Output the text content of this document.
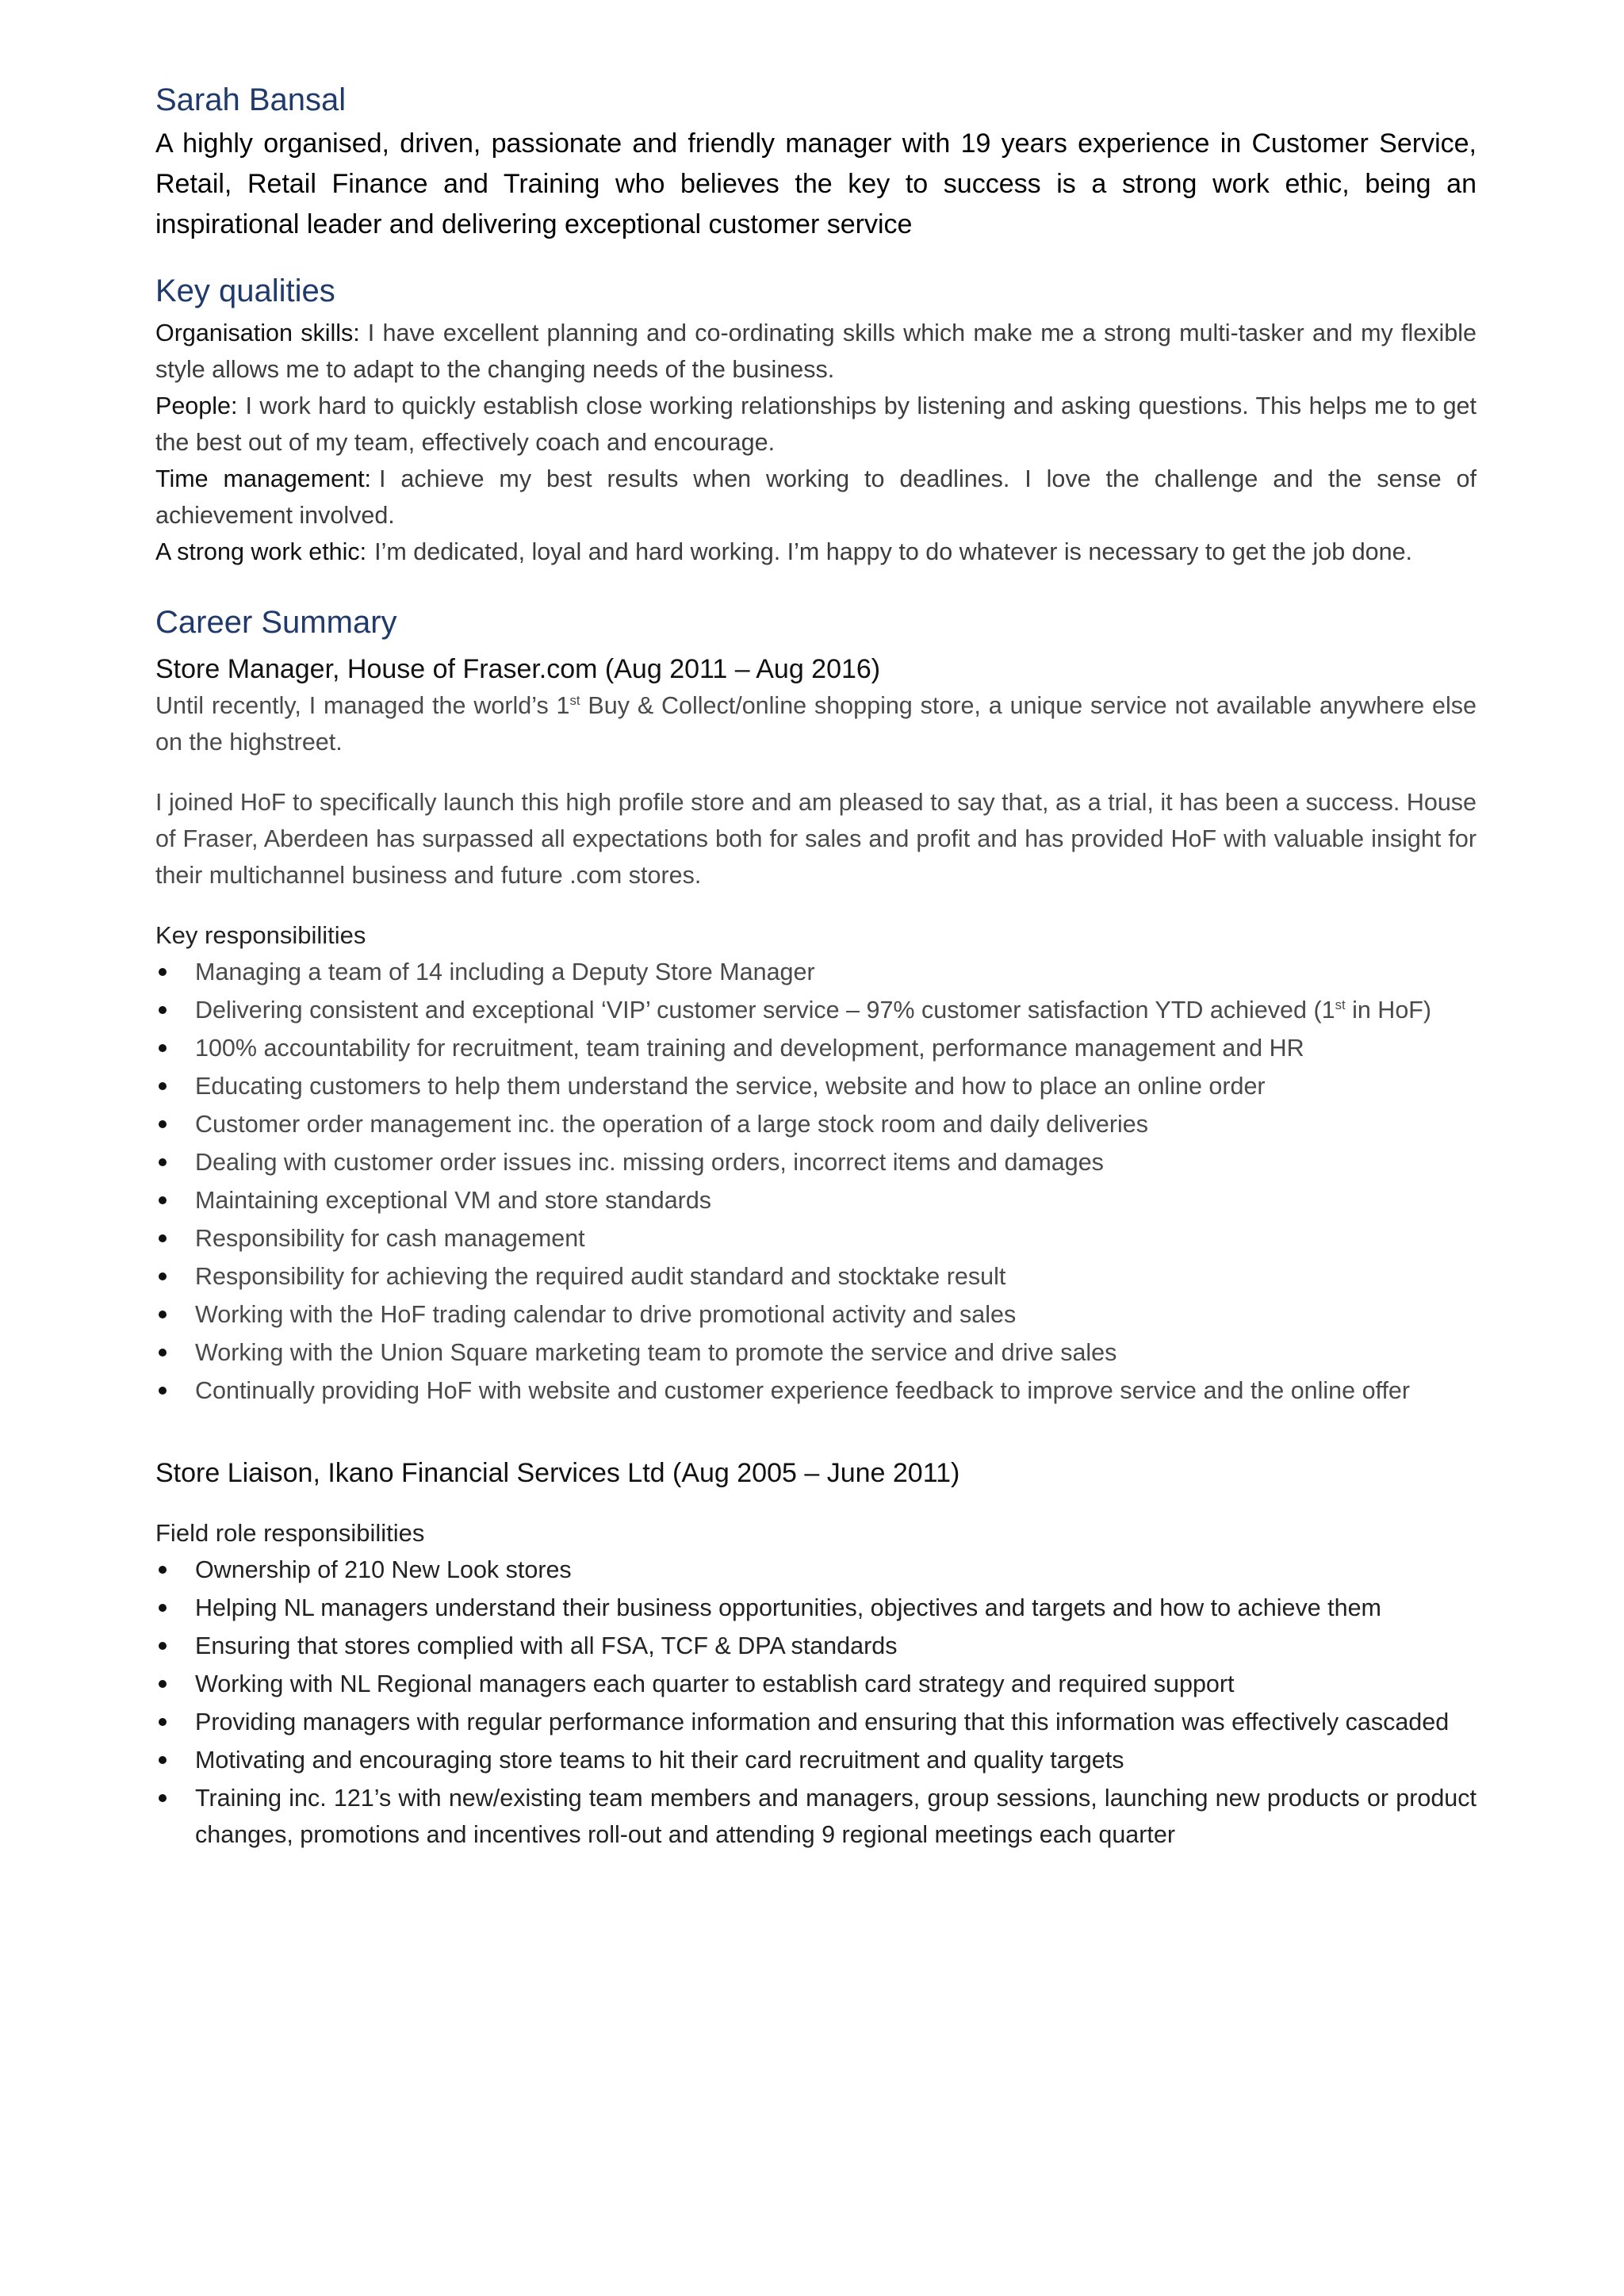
Sarah Bansal

A highly organised, driven, passionate and friendly manager with 19 years experience in Customer Service, Retail, Retail Finance and Training who believes the key to success is a strong work ethic, being an inspirational leader and delivering exceptional customer service

Key qualities

Organisation skills: I have excellent planning and co-ordinating skills which make me a strong multi-tasker and my flexible style allows me to adapt to the changing needs of the business.

People: I work hard to quickly establish close working relationships by listening and asking questions. This helps me to get the best out of my team, effectively coach and encourage.

Time management: I achieve my best results when working to deadlines. I love the challenge and the sense of achievement involved.

A strong work ethic: I’m dedicated, loyal and hard working. I’m happy to do whatever is necessary to get the job done.

Career Summary
Store Manager, House of Fraser.com (Aug 2011 – Aug 2016)

Until recently, I managed the world’s 1st Buy & Collect/online shopping store, a unique service not available anywhere else on the highstreet.

I joined HoF to specifically launch this high profile store and am pleased to say that, as a trial, it has been a success. House of Fraser, Aberdeen has surpassed all expectations both for sales and profit and has provided HoF with valuable insight for their multichannel business and future .com stores.

Key responsibilities

Managing a team of 14 including a Deputy Store Manager
Delivering consistent and exceptional ‘VIP’ customer service – 97% customer satisfaction YTD achieved (1st in HoF)
100% accountability for recruitment, team training and development, performance management and HR
Educating customers to help them understand the service, website and how to place an online order
Customer order management inc. the operation of a large stock room and daily deliveries
Dealing with customer order issues inc. missing orders, incorrect items and damages
Maintaining exceptional VM and store standards
Responsibility for cash management
Responsibility for achieving the required audit standard and stocktake result
Working with the HoF trading calendar to drive promotional activity and sales
Working with the Union Square marketing team to promote the service and drive sales
Continually providing HoF with website and customer experience feedback to improve service and the online offer
Store Liaison, Ikano Financial Services Ltd (Aug 2005 – June 2011)

Field role responsibilities

Ownership of 210 New Look stores
Helping NL managers understand their business opportunities, objectives and targets and how to achieve them
Ensuring that stores complied with all FSA, TCF & DPA standards
Working with NL Regional managers each quarter to establish card strategy and required support
Providing managers with regular performance information and ensuring that this information was effectively cascaded
Motivating and encouraging store teams to hit their card recruitment and quality targets
Training inc. 121’s with new/existing team members and managers, group sessions, launching new products or product changes, promotions and incentives roll-out and attending 9 regional meetings each quarter
